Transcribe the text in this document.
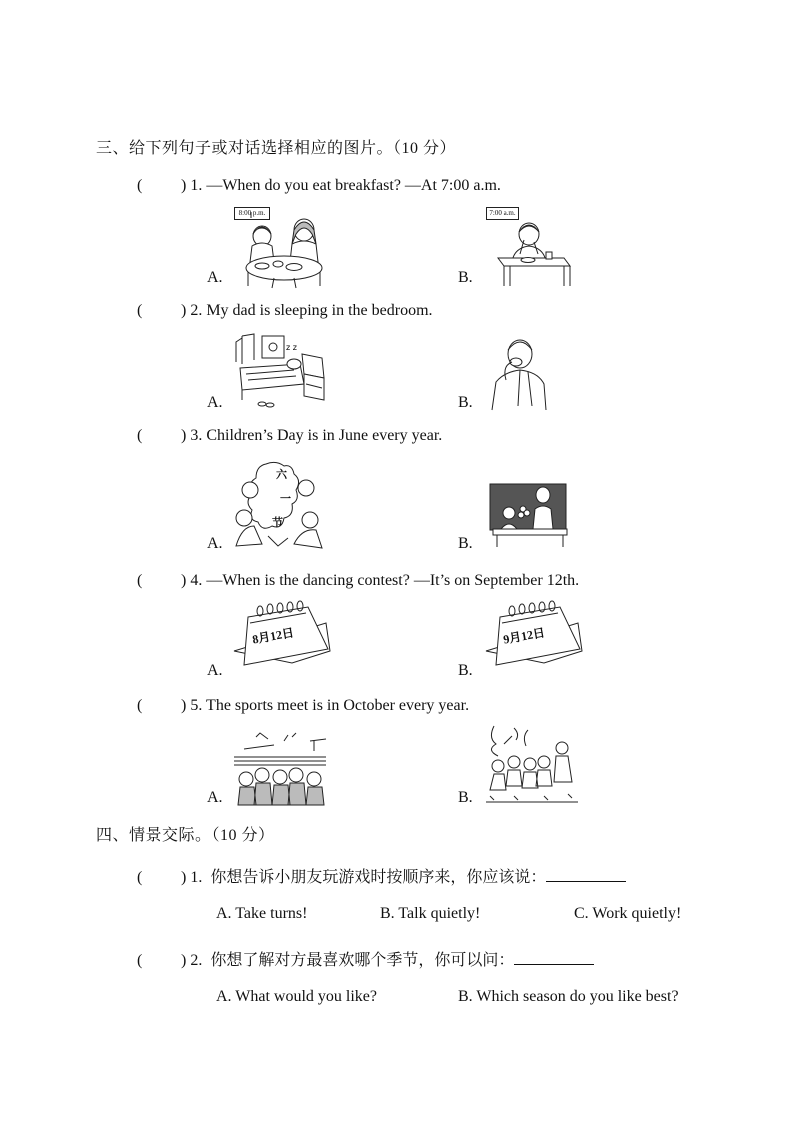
三、给下列句子或对话选择相应的图片。（10 分）
( ) 1. —When do you eat breakfast? —At 7:00 a.m.
A.	B.
8:00 p.m.	7:00 a.m.
( ) 2. My dad is sleeping in the bedroom.
A.	B.
z z
( ) 3. Children’s Day is in June every year.
A.	B.
六
一
节
( ) 4. —When is the dancing contest? —It’s on September 12th.
A.	B.
8月12日	9月12日
( ) 5. The sports meet is in October every year.
A.	B.
四、情景交际。（10 分）
( ) 1. 你想告诉小朋友玩游戏时按顺序来，你应该说：
A. Take turns!	B. Talk quietly!	C. Work quietly!
( ) 2. 你想了解对方最喜欢哪个季节，你可以问：
A. What would you like?	B. Which season do you like best?
